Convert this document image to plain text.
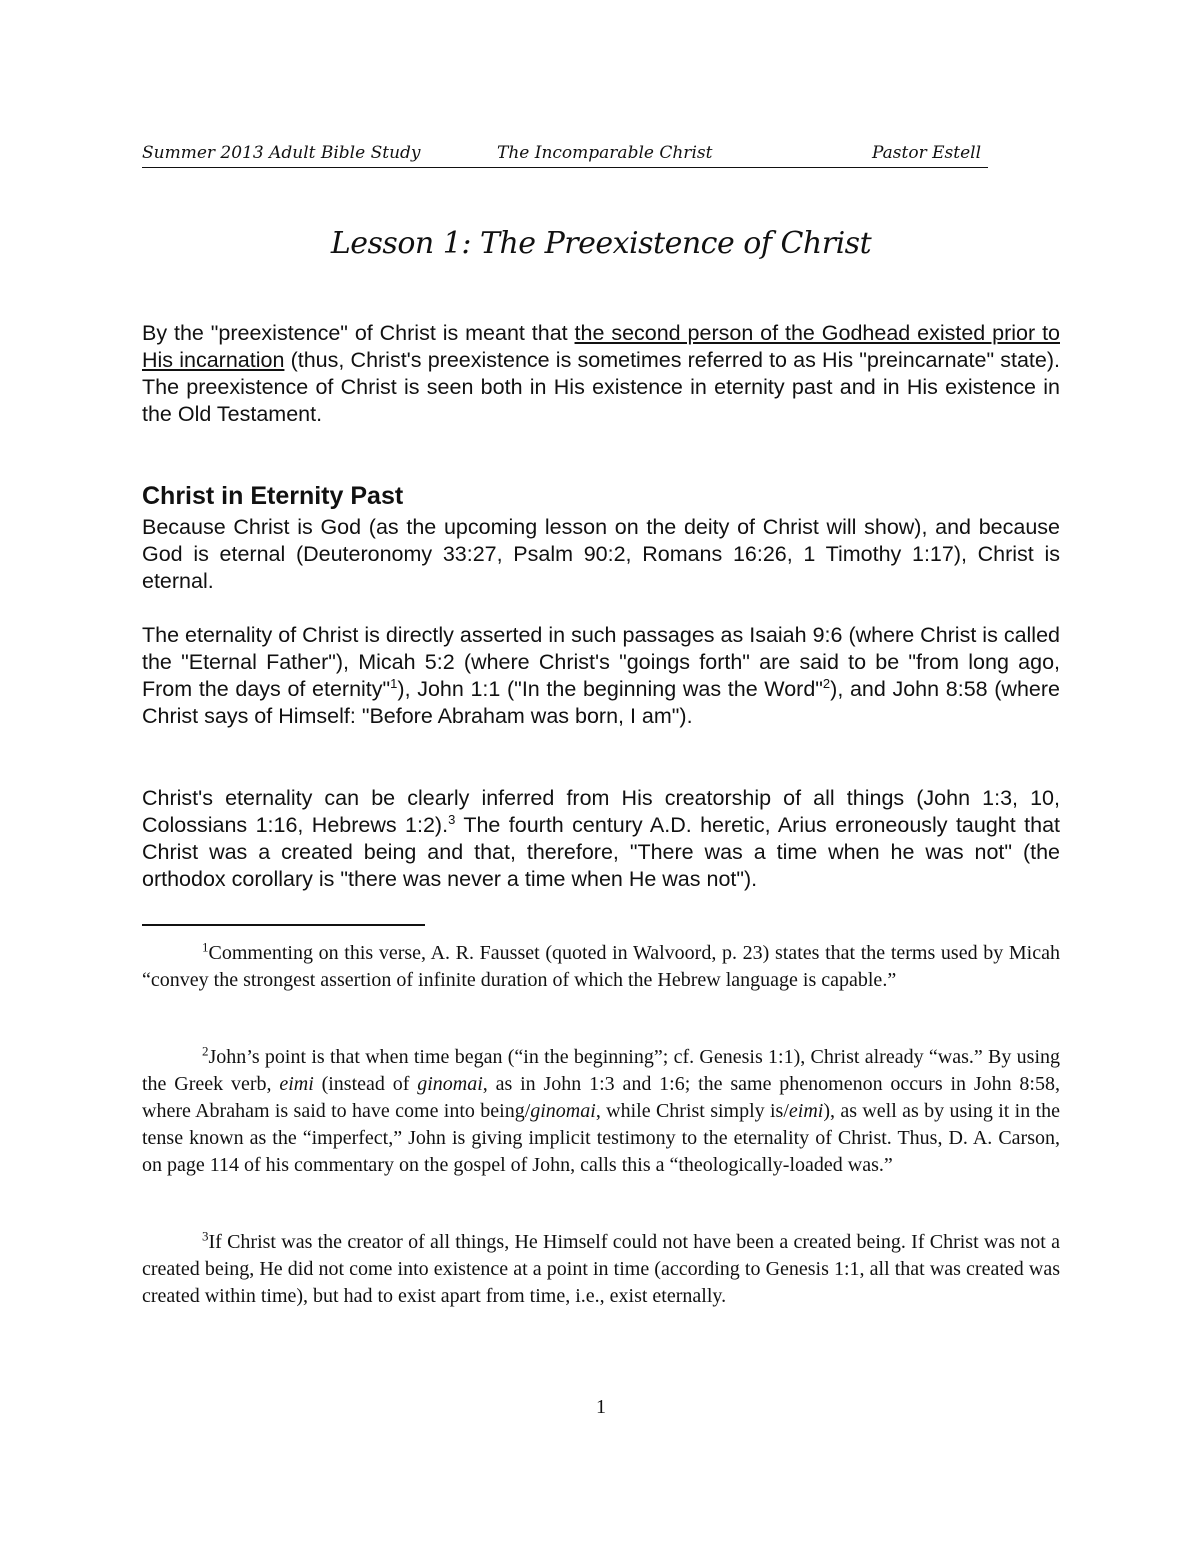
Summer 2013 Adult Bible Study	The Incomparable Christ	Pastor Estell
Lesson 1: The Preexistence of Christ

By the "preexistence" of Christ is meant that the second person of the Godhead existed prior to His incarnation (thus, Christ's preexistence is sometimes referred to as His "preincarnate" state). The preexistence of Christ is seen both in His existence in eternity past and in His existence in the Old Testament.

Christ in Eternity Past

Because Christ is God (as the upcoming lesson on the deity of Christ will show), and because God is eternal (Deuteronomy 33:27, Psalm 90:2, Romans 16:26, 1 Timothy 1:17), Christ is eternal.

The eternality of Christ is directly asserted in such passages as Isaiah 9:6 (where Christ is called the "Eternal Father"), Micah 5:2 (where Christ's "goings forth" are said to be "from long ago, From the days of eternity"$^1$), John 1:1 ("In the beginning was the Word"$^2$), and John 8:58 (where Christ says of Himself: "Before Abraham was born, I am").

Christ's eternality can be clearly inferred from His creatorship of all things (John 1:3, 10, Colossians 1:16, Hebrews 1:2).$^3$ The fourth century A.D. heretic, Arius erroneously taught that Christ was a created being and that, therefore, "There was a time when he was not" (the orthodox corollary is "there was never a time when He was not").

$^1$Commenting on this verse, A. R. Fausset (quoted in Walvoord, p. 23) states that the terms used by Micah “convey the strongest assertion of infinite duration of which the Hebrew language is capable.”

$^2$John’s point is that when time began (“in the beginning”; cf. Genesis 1:1), Christ already “was.” By using the Greek verb, eimi (instead of ginomai, as in John 1:3 and 1:6; the same phenomenon occurs in John 8:58, where Abraham is said to have come into being/ginomai, while Christ simply is/eimi), as well as by using it in the tense known as the “imperfect,” John is giving implicit testimony to the eternality of Christ. Thus, D. A. Carson, on page 114 of his commentary on the gospel of John, calls this a “theologically-loaded was.”

$^3$If Christ was the creator of all things, He Himself could not have been a created being. If Christ was not a created being, He did not come into existence at a point in time (according to Genesis 1:1, all that was created was created within time), but had to exist apart from time, i.e., exist eternally.

1
